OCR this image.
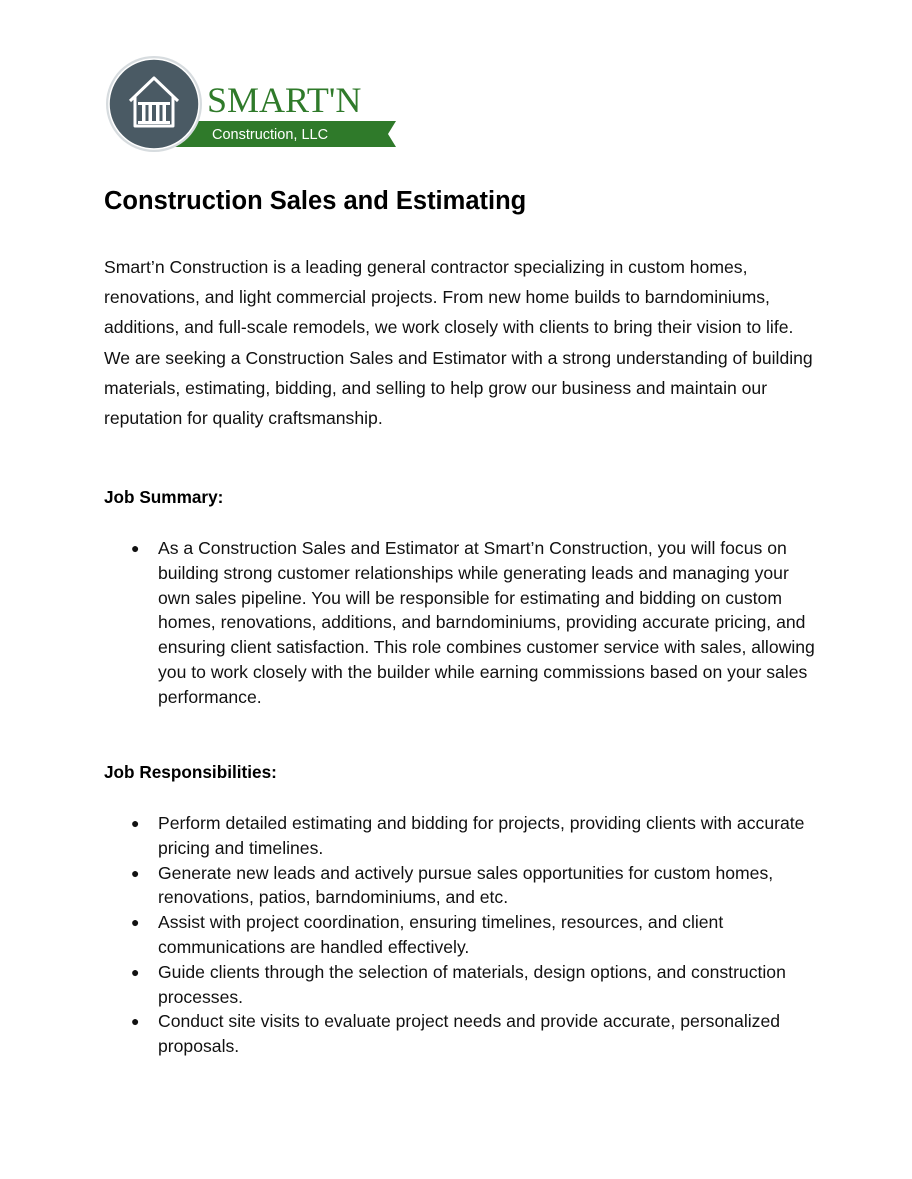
SMART'N
Construction, LLC
Construction Sales and Estimating

Smart’n Construction is a leading general contractor specializing in custom homes, renovations, and light commercial projects. From new home builds to barndominiums, additions, and full-scale remodels, we work closely with clients to bring their vision to life. We are seeking a Construction Sales and Estimator with a strong understanding of building materials, estimating, bidding, and selling to help grow our business and maintain our reputation for quality craftsmanship.

Job Summary:
● As a Construction Sales and Estimator at Smart’n Construction, you will focus on building strong customer relationships while generating leads and managing your own sales pipeline. You will be responsible for estimating and bidding on custom homes, renovations, additions, and barndominiums, providing accurate pricing, and ensuring client satisfaction. This role combines customer service with sales, allowing you to work closely with the builder while earning commissions based on your sales performance.
Job Responsibilities:
● Perform detailed estimating and bidding for projects, providing clients with accurate pricing and timelines.
● Generate new leads and actively pursue sales opportunities for custom homes, renovations, patios, barndominiums, and etc.
● Assist with project coordination, ensuring timelines, resources, and client communications are handled effectively.
● Guide clients through the selection of materials, design options, and construction processes.
● Conduct site visits to evaluate project needs and provide accurate, personalized proposals.
